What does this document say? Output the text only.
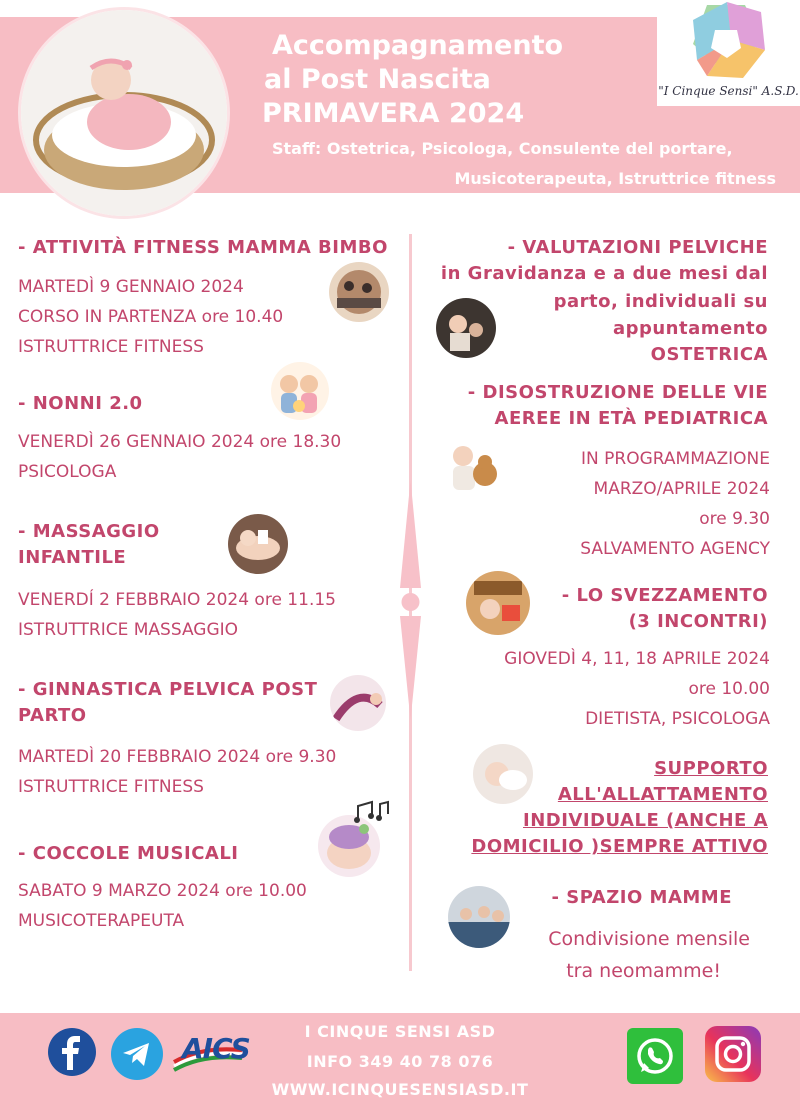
"I Cinque Sensi" A.S.D.
Accompagnamento
al Post Nascita
PRIMAVERA 2024
Staff: Ostetrica, Psicologa, Consulente del portare,
Musicoterapeuta, Istruttrice fitness
- ATTIVITÀ FITNESS MAMMA BIMBO
MARTEDÌ 9 GENNAIO 2024
CORSO IN PARTENZA ore 10.40
ISTRUTTRICE FITNESS
- NONNI 2.0
VENERDÌ 26 GENNAIO 2024 ore 18.30
PSICOLOGA
- MASSAGGIO
INFANTILE
VENERDÍ 2 FEBBRAIO 2024 ore 11.15
ISTRUTTRICE MASSAGGIO
- GINNASTICA PELVICA POST
PARTO
MARTEDÌ 20 FEBBRAIO 2024 ore 9.30
ISTRUTTRICE FITNESS
- COCCOLE MUSICALI
SABATO 9 MARZO 2024 ore 10.00
MUSICOTERAPEUTA
- VALUTAZIONI PELVICHE
in Gravidanza e a due mesi dal
parto, individuali su
appuntamento
OSTETRICA
- DISOSTRUZIONE DELLE VIE
AEREE IN ETÀ PEDIATRICA
IN PROGRAMMAZIONE
MARZO/APRILE 2024
ore 9.30
SALVAMENTO AGENCY
- LO SVEZZAMENTO
(3 INCONTRI)
GIOVEDÌ 4, 11, 18 APRILE 2024
ore 10.00
DIETISTA, PSICOLOGA
SUPPORTO
ALL'ALLATTAMENTO
INDIVIDUALE (ANCHE A
DOMICILIO )SEMPRE ATTIVO
- SPAZIO MAMME
Condivisione mensile
tra neomamme!
I CINQUE SENSI ASD
INFO 349 40 78 076
WWW.ICINQUESENSIASD.IT
AICS
